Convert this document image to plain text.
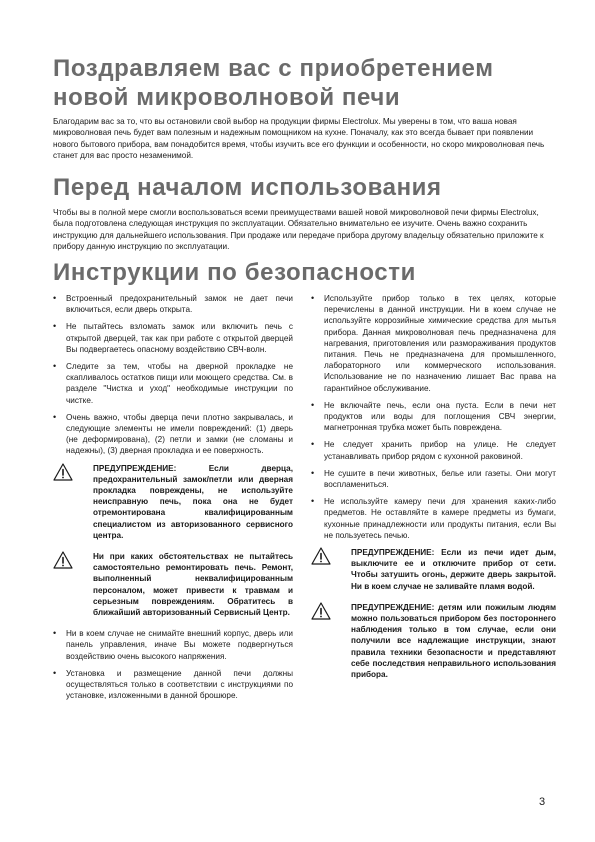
Поздравляем вас с приобретением
новой микроволновой печи

Благодарим вас за то, что вы остановили свой выбор на продукции фирмы Electrolux. Мы уверены в том, что ваша новая микроволновая печь будет вам полезным и надежным помощником на кухне. Поначалу, как это всегда бывает при появлении нового бытового прибора, вам понадобится время, чтобы изучить все его функции и особенности, но скоро микроволновая печь станет для вас просто незаменимой.

Перед началом использования

Чтобы вы в полной мере смогли воспользоваться всеми преимуществами вашей новой микроволновой печи фирмы Electrolux, была подготовлена следующая инструкция по эксплуатации. Обязательно внимательно ее изучите. Очень важно сохранить инструкцию для дальнейшего использования. При продаже или передаче прибора другому владельцу обязательно приложите к прибору данную инструкцию по эксплуатации.

Инструкции по безопасности
• Встроенный предохранительный замок не дает печи включиться, если дверь открыта.
• Не пытайтесь взломать замок или включить печь с открытой дверцей, так как при работе с открытой дверцей Вы подвергаетесь опасному воздействию СВЧ-волн.
• Следите за тем, чтобы на дверной прокладке не скапливалось остатков пищи или моющего средства. См. в разделе "Чистка и уход" необходимые инструкции по чистке.
• Очень важно, чтобы дверца печи плотно закрывалась, и следующие элементы не имели повреждений: (1) дверь (не деформирована), (2) петли и замки (не сломаны и надежны), (3) дверная прокладка и ее поверхность.

ПРЕДУПРЕЖДЕНИЕ: Если дверца, предохранительный замок/петли или дверная прокладка повреждены, не используйте неисправную печь, пока она не будет отремонтирована квалифицированным специалистом из авторизованного сервисного центра.

Ни при каких обстоятельствах не пытайтесь самостоятельно ремонтировать печь. Ремонт, выполненный неквалифицированным персоналом, может привести к травмам и серьезным повреждениям. Обратитесь в ближайший авторизованный Сервисный Центр.

• Ни в коем случае не снимайте внешний корпус, дверь или панель управления, иначе Вы можете подвергнуться воздействию очень высокого напряжения.
• Установка и размещение данной печи должны осуществляться только в соответствии с инструкциями по установке, изложенными в данной брошюре.
• Используйте прибор только в тех целях, которые перечислены в данной инструкции. Ни в коем случае не используйте коррозийные химические средства для мытья прибора. Данная микроволновая печь предназначена для нагревания, приготовления или размораживания продуктов питания. Печь не предназначена для промышленного, лабораторного или коммерческого использования. Использование не по назначению лишает Вас права на гарантийное обслуживание.
• Не включайте печь, если она пуста. Если в печи нет продуктов или воды для поглощения СВЧ энергии, магнетронная трубка может быть повреждена.
• Не следует хранить прибор на улице. Не следует устанавливать прибор рядом с кухонной раковиной.
• Не сушите в печи животных, белье или газеты. Они могут воспламениться.
• Не используйте камеру печи для хранения каких-либо предметов. Не оставляйте в камере предметы из бумаги, кухонные принадлежности или продукты питания, если Вы не пользуетесь печью.

ПРЕДУПРЕЖДЕНИЕ: Если из печи идет дым, выключите ее и отключите прибор от сети. Чтобы затушить огонь, держите дверь закрытой. Ни в коем случае не заливайте пламя водой.

ПРЕДУПРЕЖДЕНИЕ: детям или пожилым людям можно пользоваться прибором без постороннего наблюдения только в том случае, если они получили все надлежащие инструкции, знают правила техники безопасности и представляют себе последствия неправильного использования прибора.

3
